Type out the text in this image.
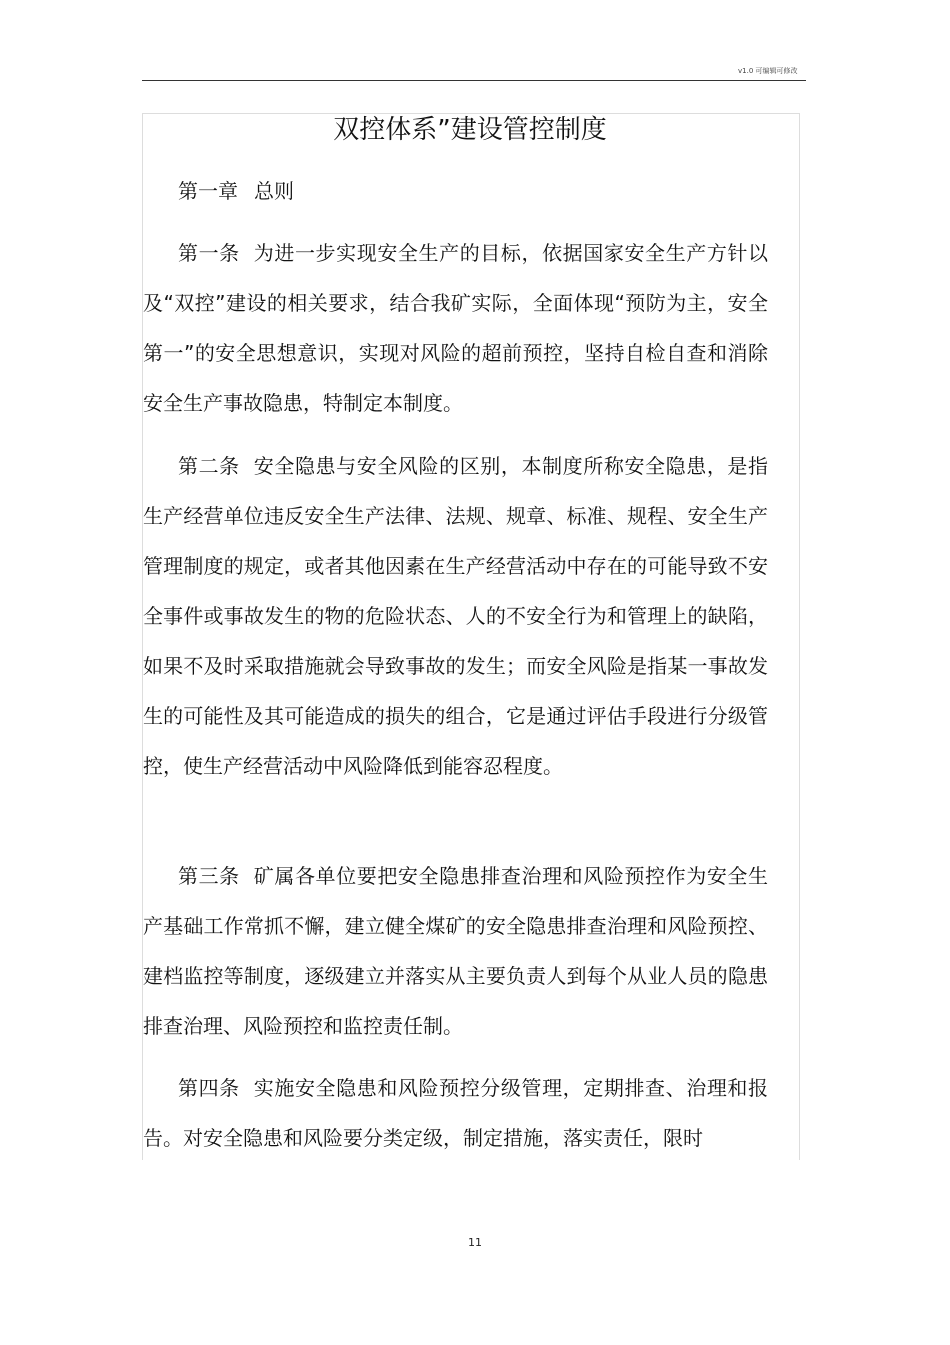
v1.0 可编辑可修改
双控体系”建设管控制度
第一章 总则

第一条 为进一步实现安全生产的目标，依据国家安全生产方针以及“双控”建设的相关要求，结合我矿实际，全面体现“预防为主，安全第一”的安全思想意识，实现对风险的超前预控，坚持自检自查和消除安全生产事故隐患，特制定本制度。

第二条 安全隐患与安全风险的区别，本制度所称安全隐患，是指生产经营单位违反安全生产法律、法规、规章、标准、规程、安全生产管理制度的规定，或者其他因素在生产经营活动中存在的可能导致不安全事件或事故发生的物的危险状态、人的不安全行为和管理上的缺陷，如果不及时采取措施就会导致事故的发生；而安全风险是指某一事故发生的可能性及其可能造成的损失的组合，它是通过评估手段进行分级管控，使生产经营活动中风险降低到能容忍程度。

第三条 矿属各单位要把安全隐患排查治理和风险预控作为安全生产基础工作常抓不懈，建立健全煤矿的安全隐患排查治理和风险预控、建档监控等制度，逐级建立并落实从主要负责人到每个从业人员的隐患排查治理、风险预控和监控责任制。

第四条 实施安全隐患和风险预控分级管理，定期排查、治理和报告。对安全隐患和风险要分类定级，制定措施，落实责任，限时

11
